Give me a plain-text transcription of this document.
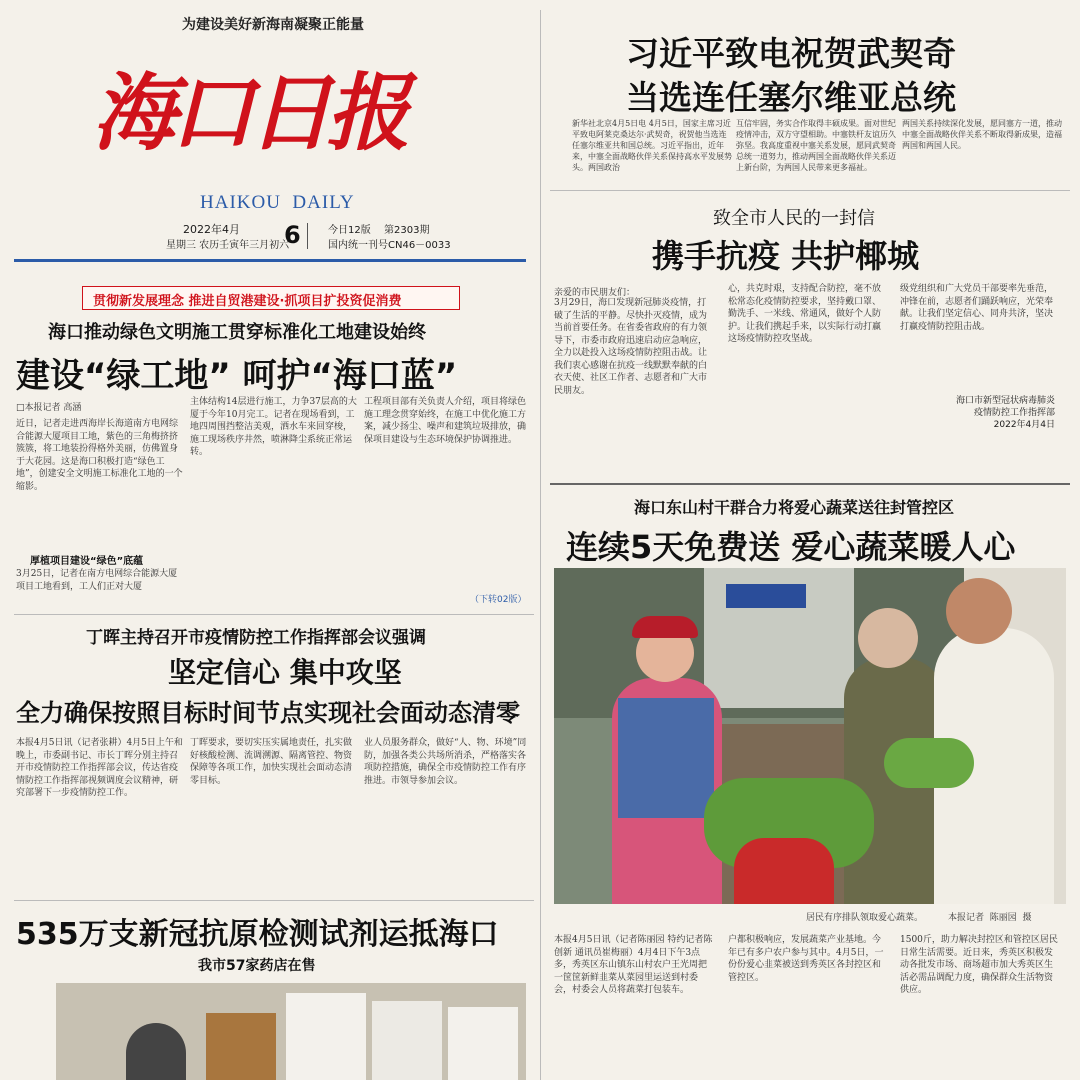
为建设美好新海南凝聚正能量
海口日报
HAIKOU  DAILY
2022年4月
星期三 农历壬寅年三月初六
6	今日12版 第2303期
国内统一刊号CN46－0033
习近平致电祝贺武契奇
当选连任塞尔维亚总统
新华社北京4月5日电 4月5日，国家主席习近平致电阿莱克桑达尔·武契奇，祝贺他当选连任塞尔维亚共和国总统。习近平指出，近年来，中塞全面战略伙伴关系保持高水平发展势头。两国政治
互信牢固，务实合作取得丰硕成果。面对世纪疫情冲击，双方守望相助。中塞铁杆友谊历久弥坚。我高度重视中塞关系发展，愿同武契奇总统一道努力，推动两国全面战略伙伴关系迈上新台阶，为两国人民带来更多福祉。
两国关系持续深化发展，愿同塞方一道，推动中塞全面战略伙伴关系不断取得新成果，造福两国和两国人民。
致全市人民的一封信
携手抗疫 共护椰城
亲爱的市民朋友们：
3月29日，海口发现新冠肺炎疫情，打破了生活的平静。尽快扑灭疫情，成为当前首要任务。在省委省政府的有力领导下，市委市政府迅速启动应急响应，全力以赴投入这场疫情防控阻击战。让我们衷心感谢在抗疫一线默默奉献的白衣天使、社区工作者、志愿者和广大市民朋友。
心，共克时艰，支持配合防控，毫不放松常态化疫情防控要求，坚持戴口罩、勤洗手、一米线、常通风，做好个人防护。让我们携起手来，以实际行动打赢这场疫情防控攻坚战。
级党组织和广大党员干部要率先垂范，冲锋在前，志愿者们踊跃响应，光荣奉献。让我们坚定信心、同舟共济，坚决打赢疫情防控阻击战。
海口市新型冠状病毒肺炎
疫情防控工作指挥部
2022年4月4日
海口东山村干群合力将爱心蔬菜送往封管控区
连续5天免费送 爱心蔬菜暖人心
居民有序排队领取爱心蔬菜。	本报记者  陈丽园  摄
本报4月5日讯（记者陈丽园 特约记者陈创新 通讯员崔梅丽）4月4日下午3点多，秀英区东山镇东山村农户王光周把一筐筐新鲜韭菜从菜园里运送到村委会，村委会人员将蔬菜打包装车。
户都积极响应，发展蔬菜产业基地。今年已有多户农户参与其中。4月5日，一份份爱心韭菜被送到秀英区各封控区和管控区。
1500斤，助力解决封控区和管控区居民日常生活需要。近日来，秀英区积极发动各批发市场、商场超市加大秀英区生活必需品调配力度，确保群众生活物资供应。
贯彻新发展理念 推进自贸港建设·抓项目扩投资促消费
海口推动绿色文明施工贯穿标准化工地建设始终
建设“绿工地” 呵护“海口蓝”
□本报记者 高涵
近日，记者走进西海岸长海道南方电网综合能源大厦项目工地，紫色的三角梅挤挤簇簇，将工地装扮得格外美丽，仿佛置身于大花园。这是海口积极打造“绿色工地”，创建安全文明施工标准化工地的一个缩影。
厚植项目建设“绿色”底蕴
3月25日，记者在南方电网综合能源大厦项目工地看到，工人们正对大厦
主体结构14层进行施工，力争37层高的大厦于今年10月完工。记者在现场看到，工地四周围挡整洁美观，洒水车来回穿梭，施工现场秩序井然，喷淋降尘系统正常运转。
工程项目部有关负责人介绍，项目将绿色施工理念贯穿始终，在施工中优化施工方案，减少扬尘、噪声和建筑垃圾排放，确保项目建设与生态环境保护协调推进。
（下转02版）
丁晖主持召开市疫情防控工作指挥部会议强调
坚定信心 集中攻坚
全力确保按照目标时间节点实现社会面动态清零
本报4月5日讯（记者张耕）4月5日上午和晚上，市委副书记、市长丁晖分别主持召开市疫情防控工作指挥部会议，传达省疫情防控工作指挥部视频调度会议精神，研究部署下一步疫情防控工作。
丁晖要求，要切实压实属地责任，扎实做好核酸检测、流调溯源、隔离管控、物资保障等各项工作，加快实现社会面动态清零目标。
业人员服务群众，做好“人、物、环境”同防，加强各类公共场所消杀，严格落实各项防控措施，确保全市疫情防控工作有序推进。市领导参加会议。
535万支新冠抗原检测试剂运抵海口
我市57家药店在售
